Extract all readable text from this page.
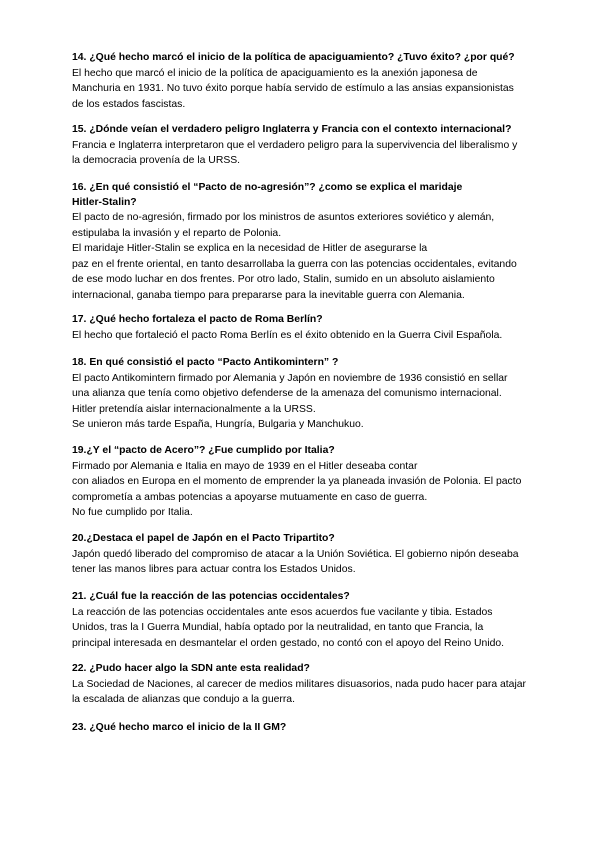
14. ¿Qué hecho marcó el inicio de la política de apaciguamiento? ¿Tuvo éxito? ¿por qué?
El hecho que marcó el inicio de la política de apaciguamiento es la anexión japonesa de
Manchuria en 1931. No tuvo éxito porque había servido de estímulo a las ansias expansionistas
de los estados fascistas.
15. ¿Dónde veían el verdadero peligro Inglaterra y Francia con el contexto internacional?
Francia e Inglaterra interpretaron que el verdadero peligro para la supervivencia del liberalismo y
la democracia provenía de la URSS.
16. ¿En qué consistió el “Pacto de no-agresión”? ¿como se explica el maridaje
Hitler-Stalin?
El pacto de no-agresión, firmado por los ministros de asuntos exteriores soviético y alemán,
estipulaba la invasión y el reparto de Polonia.
El maridaje Hitler-Stalin se explica en la necesidad de Hitler de asegurarse la
paz en el frente oriental, en tanto desarrollaba la guerra con las potencias occidentales, evitando
de ese modo luchar en dos frentes. Por otro lado, Stalin, sumido en un absoluto aislamiento
internacional, ganaba tiempo para prepararse para la inevitable guerra con Alemania.
17. ¿Qué hecho fortaleza el pacto de Roma Berlín?
El hecho que fortaleció el pacto Roma Berlín es el éxito obtenido en la Guerra Civil Española.
18. En qué consistió el pacto “Pacto Antikomintern” ?
El pacto Antikomintern firmado por Alemania y Japón en noviembre de 1936 consistió en sellar
una alianza que tenía como objetivo defenderse de la amenaza del comunismo internacional.
Hitler pretendía aislar internacionalmente a la URSS.
Se unieron más tarde España, Hungría, Bulgaria y Manchukuo.
19.¿Y el “pacto de Acero”? ¿Fue cumplido por Italia?
Firmado por Alemania e Italia en mayo de 1939 en el Hitler deseaba contar
con aliados en Europa en el momento de emprender la ya planeada invasión de Polonia. El pacto
comprometía a ambas potencias a apoyarse mutuamente en caso de guerra.
No fue cumplido por Italia.
20.¿Destaca el papel de Japón en el Pacto Tripartito?
Japón quedó liberado del compromiso de atacar a la Unión Soviética. El gobierno nipón deseaba
tener las manos libres para actuar contra los Estados Unidos.
21. ¿Cuál fue la reacción de las potencias occidentales?
La reacción de las potencias occidentales ante esos acuerdos fue vacilante y tibia. Estados
Unidos, tras la I Guerra Mundial, había optado por la neutralidad, en tanto que Francia, la
principal interesada en desmantelar el orden gestado, no contó con el apoyo del Reino Unido.
22. ¿Pudo hacer algo la SDN ante esta realidad?
La Sociedad de Naciones, al carecer de medios militares disuasorios, nada pudo hacer para atajar
la escalada de alianzas que condujo a la guerra.
23. ¿Qué hecho marco el inicio de la II GM?
